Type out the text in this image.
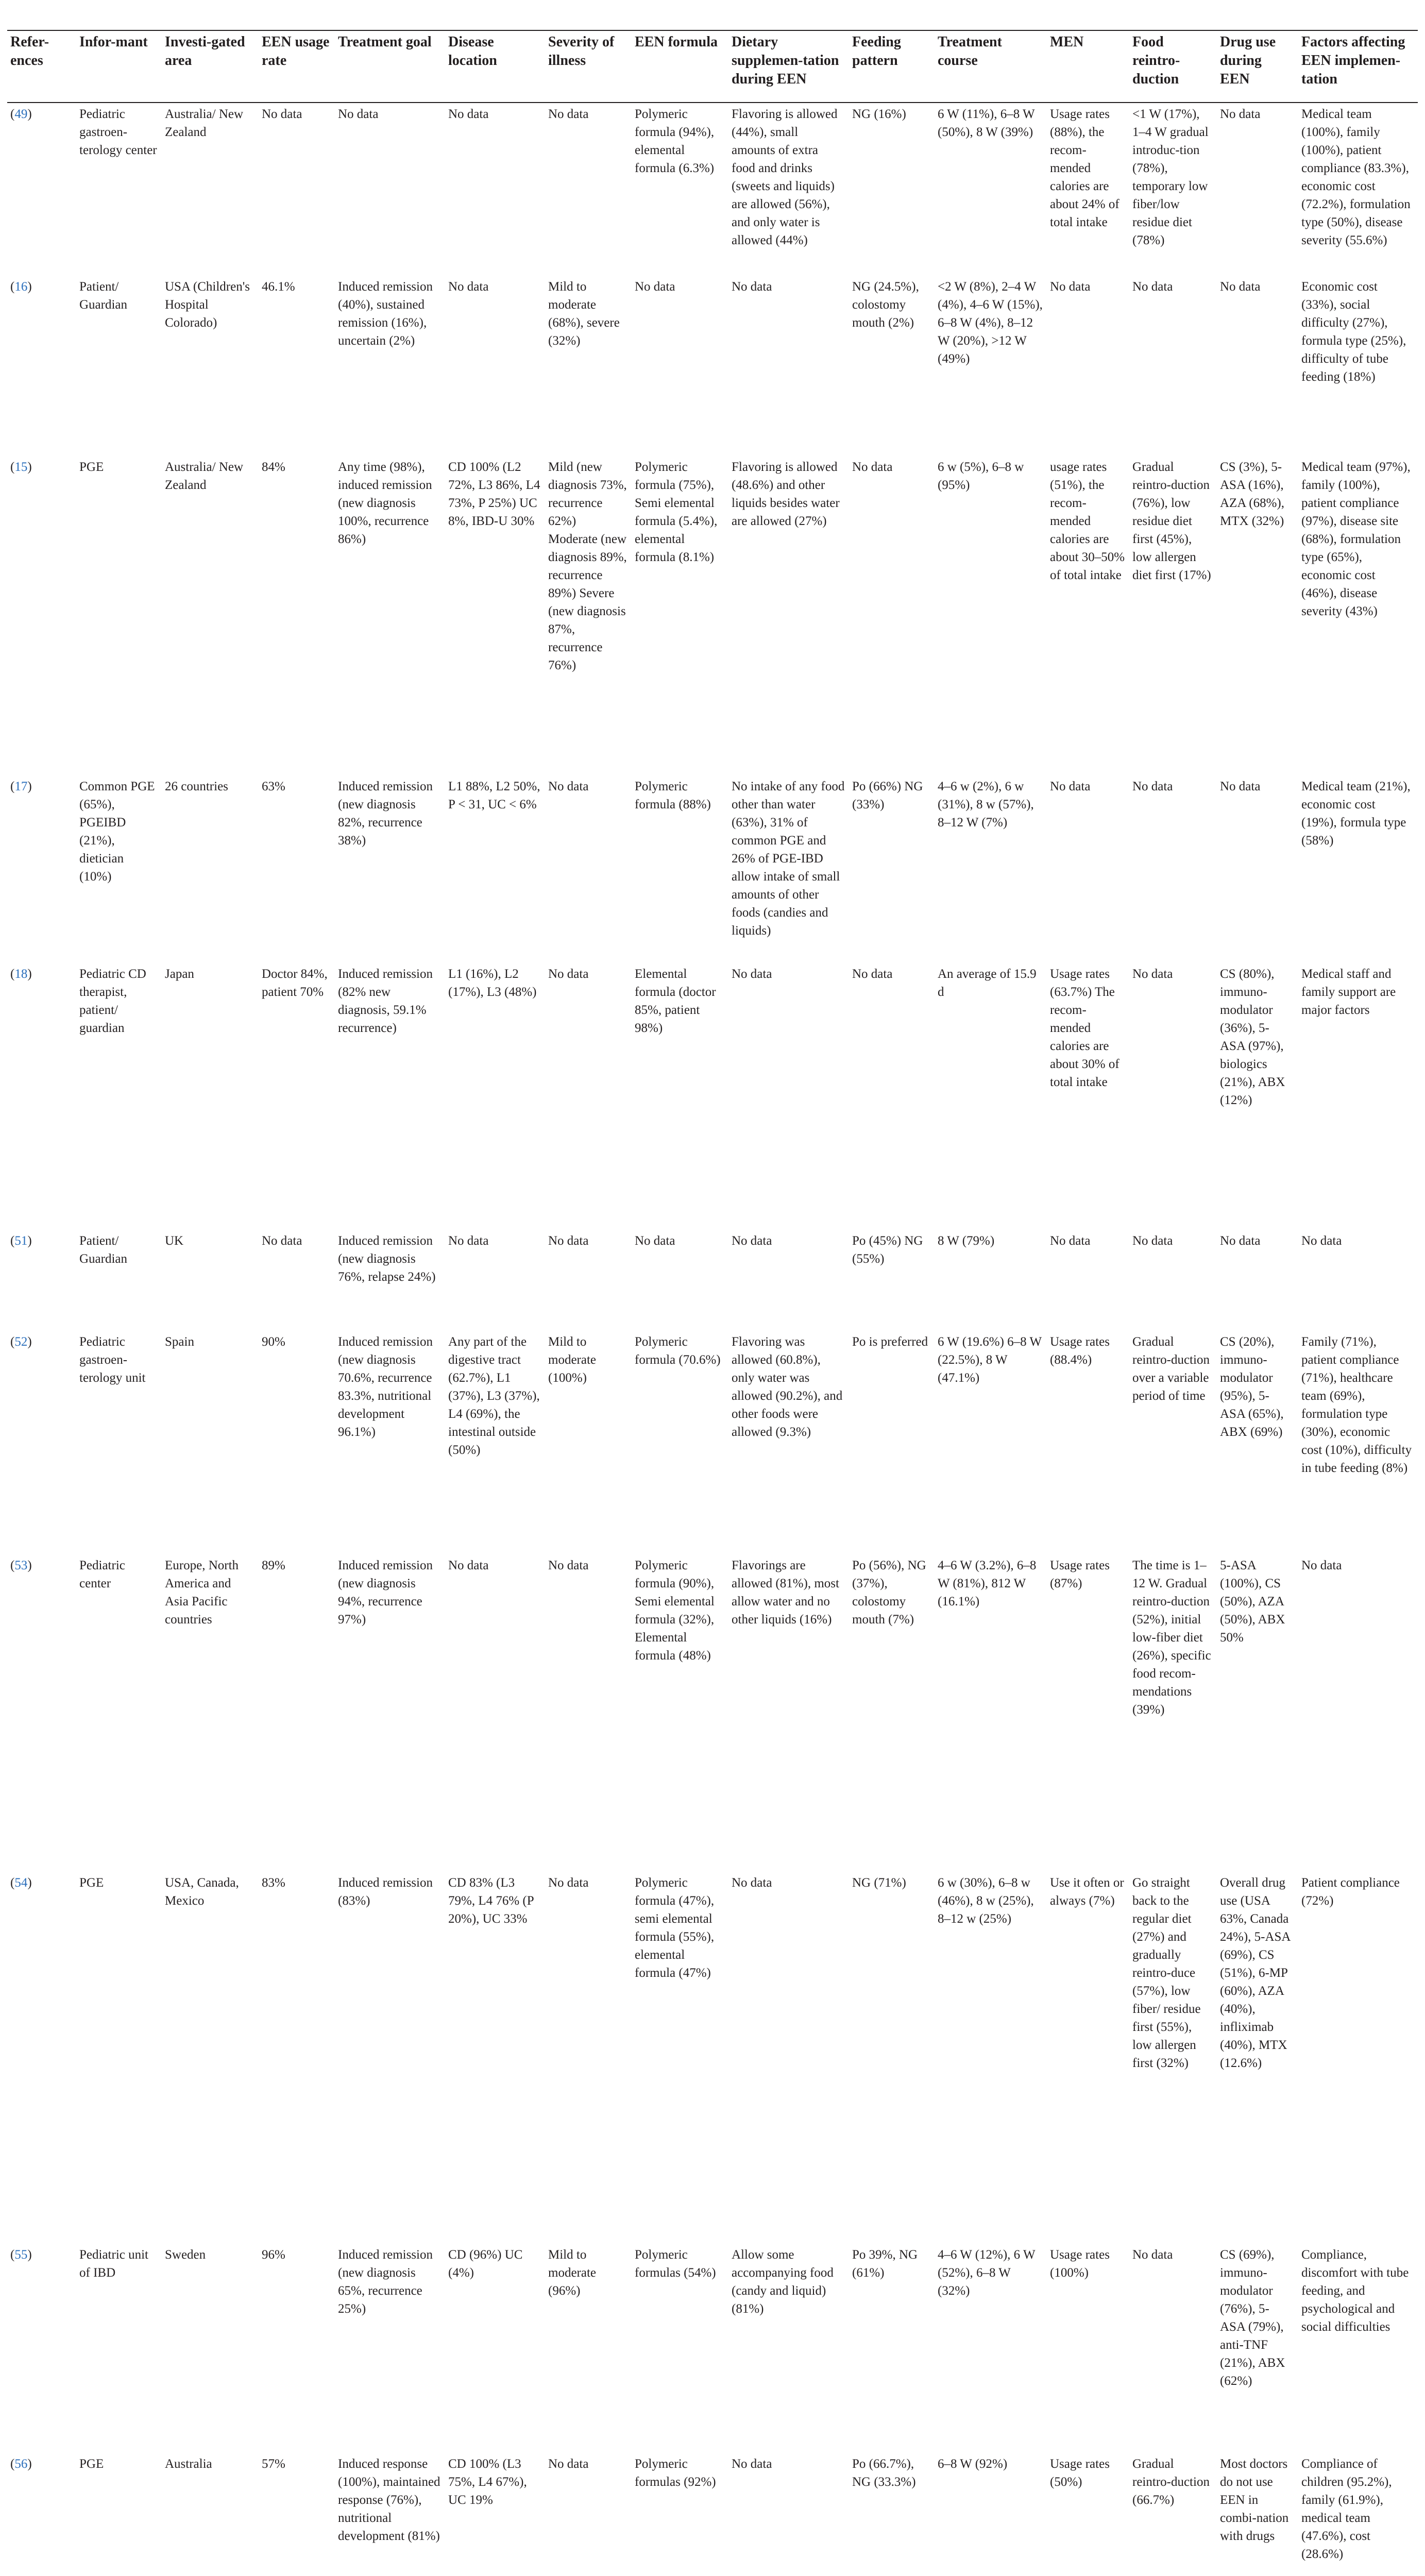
Refer-ences	Infor-mant	Investi-gated area	EEN usage rate	Treatment goal	Disease location	Severity of illness	EEN formula	Dietary supplemen-tation during EEN	Feeding pattern	Treatment course	MEN	Food reintro-duction	Drug use during EEN	Factors affecting EEN implemen-tation
(49)	Pediatric gastroen-terology center	Australia/ New Zealand	No data	No data	No data	No data	Polymeric formula (94%), elemental formula (6.3%)	Flavoring is allowed (44%), small amounts of extra food and drinks (sweets and liquids) are allowed (56%), and only water is allowed (44%)	NG (16%)	6 W (11%), 6–8 W (50%), 8 W (39%)	Usage rates (88%), the recom-mended calories are about 24% of total intake	<1 W (17%), 1–4 W gradual introduc-tion (78%), temporary low fiber/low residue diet (78%)	No data	Medical team (100%), family (100%), patient compliance (83.3%), economic cost (72.2%), formulation type (50%), disease severity (55.6%)
(16)	Patient/ Guardian	USA (Children's Hospital Colorado)	46.1%	Induced remission (40%), sustained remission (16%), uncertain (2%)	No data	Mild to moderate (68%), severe (32%)	No data	No data	NG (24.5%), colostomy mouth (2%)	<2 W (8%), 2–4 W (4%), 4–6 W (15%), 6–8 W (4%), 8–12 W (20%), >12 W (49%)	No data	No data	No data	Economic cost (33%), social difficulty (27%), formula type (25%), difficulty of tube feeding (18%)
(15)	PGE	Australia/ New Zealand	84%	Any time (98%), induced remission (new diagnosis 100%, recurrence 86%)	CD 100% (L2 72%, L3 86%, L4 73%, P 25%) UC 8%, IBD-U 30%	Mild (new diagnosis 73%, recurrence 62%) Moderate (new diagnosis 89%, recurrence 89%) Severe (new diagnosis 87%, recurrence 76%)	Polymeric formula (75%), Semi elemental formula (5.4%), elemental formula (8.1%)	Flavoring is allowed (48.6%) and other liquids besides water are allowed (27%)	No data	6 w (5%), 6–8 w (95%)	usage rates (51%), the recom-mended calories are about 30–50% of total intake	Gradual reintro-duction (76%), low residue diet first (45%), low allergen diet first (17%)	CS (3%), 5-ASA (16%), AZA (68%), MTX (32%)	Medical team (97%), family (100%), patient compliance (97%), disease site (68%), formulation type (65%), economic cost (46%), disease severity (43%)
(17)	Common PGE (65%), PGEIBD (21%), dietician (10%)	26 countries	63%	Induced remission (new diagnosis 82%, recurrence 38%)	L1 88%, L2 50%, P < 31, UC < 6%	No data	Polymeric formula (88%)	No intake of any food other than water (63%), 31% of common PGE and 26% of PGE-IBD allow intake of small amounts of other foods (candies and liquids)	Po (66%) NG (33%)	4–6 w (2%), 6 w (31%), 8 w (57%), 8–12 W (7%)	No data	No data	No data	Medical team (21%), economic cost (19%), formula type (58%)
(18)	Pediatric CD therapist, patient/ guardian	Japan	Doctor 84%, patient 70%	Induced remission (82% new diagnosis, 59.1% recurrence)	L1 (16%), L2 (17%), L3 (48%)	No data	Elemental formula (doctor 85%, patient 98%)	No data	No data	An average of 15.9 d	Usage rates (63.7%) The recom-mended calories are about 30% of total intake	No data	CS (80%), immuno-modulator (36%), 5-ASA (97%), biologics (21%), ABX (12%)	Medical staff and family support are major factors
(51)	Patient/ Guardian	UK	No data	Induced remission (new diagnosis 76%, relapse 24%)	No data	No data	No data	No data	Po (45%) NG (55%)	8 W (79%)	No data	No data	No data	No data
(52)	Pediatric gastroen-terology unit	Spain	90%	Induced remission (new diagnosis 70.6%, recurrence 83.3%, nutritional development 96.1%)	Any part of the digestive tract (62.7%), L1 (37%), L3 (37%), L4 (69%), the intestinal outside (50%)	Mild to moderate (100%)	Polymeric formula (70.6%)	Flavoring was allowed (60.8%), only water was allowed (90.2%), and other foods were allowed (9.3%)	Po is preferred	6 W (19.6%) 6–8 W (22.5%), 8 W (47.1%)	Usage rates (88.4%)	Gradual reintro-duction over a variable period of time	CS (20%), immuno-modulator (95%), 5-ASA (65%), ABX (69%)	Family (71%), patient compliance (71%), healthcare team (69%), formulation type (30%), economic cost (10%), difficulty in tube feeding (8%)
(53)	Pediatric center	Europe, North America and Asia Pacific countries	89%	Induced remission (new diagnosis 94%, recurrence 97%)	No data	No data	Polymeric formula (90%), Semi elemental formula (32%), Elemental formula (48%)	Flavorings are allowed (81%), most allow water and no other liquids (16%)	Po (56%), NG (37%), colostomy mouth (7%)	4–6 W (3.2%), 6–8 W (81%), 812 W (16.1%)	Usage rates (87%)	The time is 1–12 W. Gradual reintro-duction (52%), initial low-fiber diet (26%), specific food recom-mendations (39%)	5-ASA (100%), CS (50%), AZA (50%), ABX 50%	No data
(54)	PGE	USA, Canada, Mexico	83%	Induced remission (83%)	CD 83% (L3 79%, L4 76% (P 20%), UC 33%	No data	Polymeric formula (47%), semi elemental formula (55%), elemental formula (47%)	No data	NG (71%)	6 w (30%), 6–8 w (46%), 8 w (25%), 8–12 w (25%)	Use it often or always (7%)	Go straight back to the regular diet (27%) and gradually reintro-duce (57%), low fiber/ residue first (55%), low allergen first (32%)	Overall drug use (USA 63%, Canada 24%), 5-ASA (69%), CS (51%), 6-MP (60%), AZA (40%), infliximab (40%), MTX (12.6%)	Patient compliance (72%)
(55)	Pediatric unit of IBD	Sweden	96%	Induced remission (new diagnosis 65%, recurrence 25%)	CD (96%) UC (4%)	Mild to moderate (96%)	Polymeric formulas (54%)	Allow some accompanying food (candy and liquid) (81%)	Po 39%, NG (61%)	4–6 W (12%), 6 W (52%), 6–8 W (32%)	Usage rates (100%)	No data	CS (69%), immuno-modulator (76%), 5-ASA (79%), anti-TNF (21%), ABX (62%)	Compliance, discomfort with tube feeding, and psychological and social difficulties
(56)	PGE	Australia	57%	Induced response (100%), maintained response (76%), nutritional development (81%)	CD 100% (L3 75%, L4 67%), UC 19%	No data	Polymeric formulas (92%)	No data	Po (66.7%), NG (33.3%)	6–8 W (92%)	Usage rates (50%)	Gradual reintro-duction (66.7%)	Most doctors do not use EEN in combi-nation with drugs	Compliance of children (95.2%), family (61.9%), medical team (47.6%), cost (28.6%)
